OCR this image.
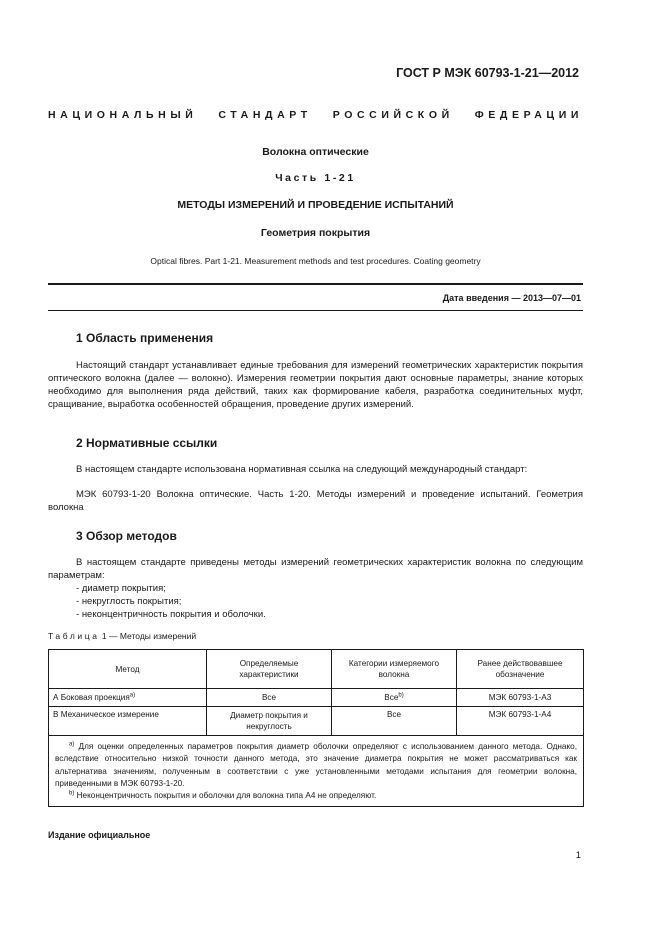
ГОСТ Р МЭК 60793-1-21—2012
НАЦИОНАЛЬНЫЙ СТАНДАРТ РОССИЙСКОЙ ФЕДЕРАЦИИ
Волокна оптические
Часть 1-21
МЕТОДЫ ИЗМЕРЕНИЙ И ПРОВЕДЕНИЕ ИСПЫТАНИЙ
Геометрия покрытия
Optical fibres. Part 1-21. Measurement methods and test procedures. Coating geometry
Дата введения — 2013—07—01
1 Область применения
Настоящий стандарт устанавливает единые требования для измерений геометрических характеристик покрытия оптического волокна (далее — волокно). Измерения геометрии покрытия дают основные параметры, знание которых необходимо для выполнения ряда действий, таких как формирование кабеля, разработка соединительных муфт, сращивание, выработка особенностей обращения, проведение других измерений.
2 Нормативные ссылки
В настоящем стандарте использована нормативная ссылка на следующий международный стандарт:
МЭК 60793-1-20 Волокна оптические. Часть 1-20. Методы измерений и проведение испытаний. Геометрия волокна
3 Обзор методов
В настоящем стандарте приведены методы измерений геометрических характеристик волокна по следующим параметрам:
- диаметр покрытия;
- некруглость покрытия;
- неконцентричность покрытия и оболочки.
Таблица 1 — Методы измерений
Метод	Определяемые характеристики	Категории измеряемого волокна	Ранее действовавшее обозначение
А Боковая проекция$^{а)}$	Все	Все$^{b)}$	МЭК 60793-1-А3
В Механическое измерение	Диаметр покрытия и некруглость	Все	МЭК 60793-1-А4

$^{а)}$ Для оценки определенных параметров покрытия диаметр оболочки определяют с использованием данного метода. Однако, вследствие относительно низкой точности данного метода, это значение диаметра покрытия не может рассматриваться как альтернатива значениям, полученным в соответствии с уже установленными методами испытания для геометрии волокна, приведенными в МЭК 60793-1-20.
$^{b)}$ Неконцентричность покрытия и оболочки для волокна типа А4 не определяют.			
Издание официальное
1
